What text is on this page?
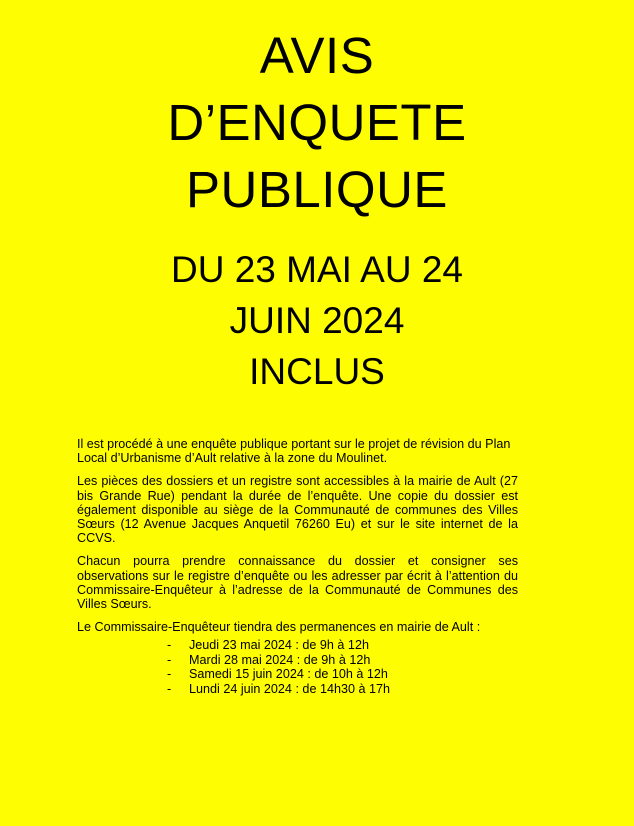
AVIS
D’ENQUETE
PUBLIQUE
DU 23 MAI AU 24
JUIN 2024
INCLUS

Il est procédé à une enquête publique portant sur le projet de révision du Plan Local d’Urbanisme d’Ault relative à la zone du Moulinet.

Les pièces des dossiers et un registre sont accessibles à la mairie de Ault (27 bis Grande Rue) pendant la durée de l’enquête. Une copie du dossier est également disponible au siège de la Communauté de communes des Villes Sœurs (12 Avenue Jacques Anquetil 76260 Eu) et sur le site internet de la CCVS.

Chacun pourra prendre connaissance du dossier et consigner ses observations sur le registre d’enquête ou les adresser par écrit à l’attention du Commissaire-Enquêteur à l’adresse de la Communauté de Communes des Villes Sœurs.

Le Commissaire-Enquêteur tiendra des permanences en mairie de Ault :

- Jeudi 23 mai 2024 : de 9h à 12h
- Mardi 28 mai 2024 : de 9h à 12h
- Samedi 15 juin 2024 : de 10h à 12h
- Lundi 24 juin 2024 : de 14h30 à 17h
